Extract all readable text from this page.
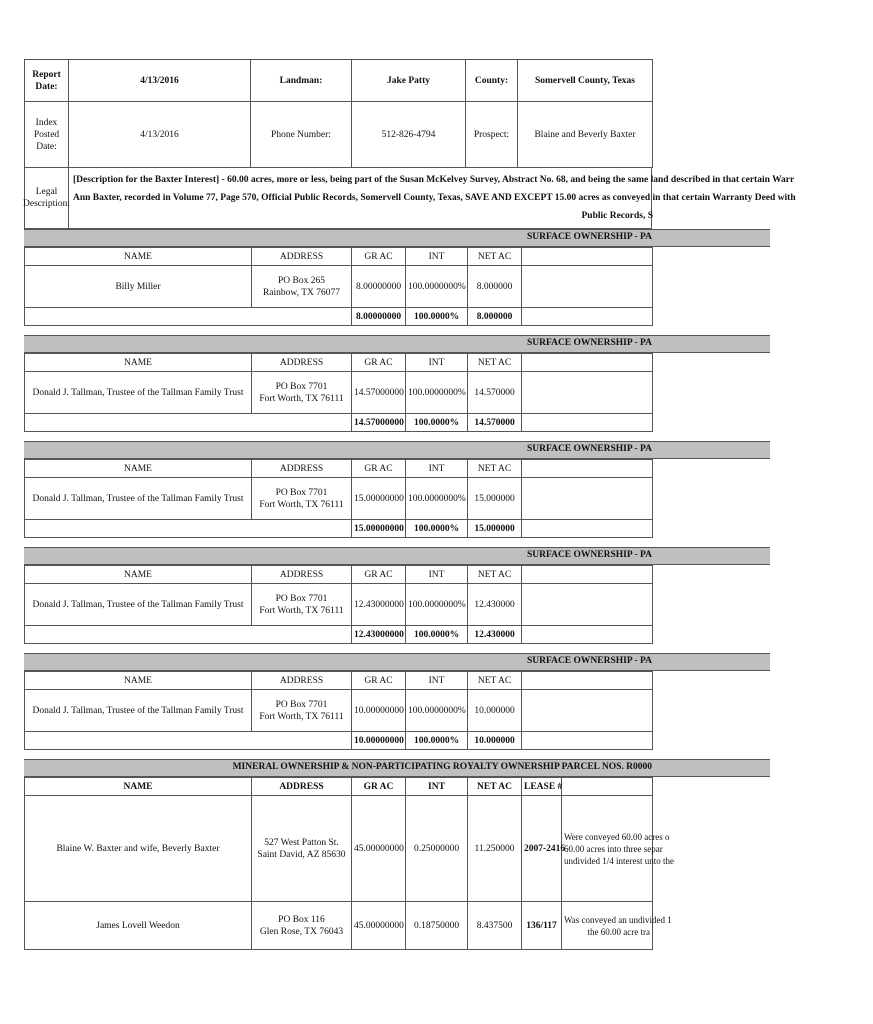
Report Date:	4/13/2016	Landman:	Jake Patty	County:	Somervell County, Texas
Index Posted Date:	4/13/2016	Phone Number:	512-826-4794	Prospect:	Blaine and Beverly Baxter
Legal Description:
[Description for the Baxter Interest] - 60.00 acres, more or less, being part of the Susan McKelvey Survey, Abstract No. 68, and being the same land described in that certain Warr
Ann Baxter, recorded in Volume 77, Page 570, Official Public Records, Somervell County, Texas, SAVE AND EXCEPT 15.00 acres as conveyed in that certain Warranty Deed with
Public Records, S
SURFACE OWNERSHIP - PA
NAME	ADDRESS	GR AC	INT	NET AC	
Billy Miller	PO Box 265
Rainbow, TX 76077	8.00000000	100.0000000%	8.000000	
		8.00000000	100.0000%	8.000000	
SURFACE OWNERSHIP - PA
NAME	ADDRESS	GR AC	INT	NET AC	
Donald J. Tallman, Trustee of the Tallman Family Trust	PO Box 7701
Fort Worth, TX 76111	14.57000000	100.0000000%	14.570000	
		14.57000000	100.0000%	14.570000	
SURFACE OWNERSHIP - PA
NAME	ADDRESS	GR AC	INT	NET AC	
Donald J. Tallman, Trustee of the Tallman Family Trust	PO Box 7701
Fort Worth, TX 76111	15.00000000	100.0000000%	15.000000	
		15.00000000	100.0000%	15.000000	
SURFACE OWNERSHIP - PA
NAME	ADDRESS	GR AC	INT	NET AC	
Donald J. Tallman, Trustee of the Tallman Family Trust	PO Box 7701
Fort Worth, TX 76111	12.43000000	100.0000000%	12.430000	
		12.43000000	100.0000%	12.430000	
SURFACE OWNERSHIP - PA
NAME	ADDRESS	GR AC	INT	NET AC	
Donald J. Tallman, Trustee of the Tallman Family Trust	PO Box 7701
Fort Worth, TX 76111	10.00000000	100.0000000%	10.000000	
		10.00000000	100.0000%	10.000000	
MINERAL OWNERSHIP & NON-PARTICIPATING ROYALTY OWNERSHIP PARCEL NOS. R0000
NAME	ADDRESS	GR AC	INT	NET AC	LEASE #	
Blaine W. Baxter and wife, Beverly Baxter	527 West Patton St.
Saint David, AZ 85630	45.00000000	0.25000000	11.250000	2007-2416	Were conveyed 60.00 acres o
60.00 acres into three separ
undivided 1/4 interest unto the

James Lovell Weedon	PO Box 116
Glen Rose, TX 76043	45.00000000	0.18750000	8.437500	136/117	Was conveyed an undivided 1
the 60.00 acre tra
